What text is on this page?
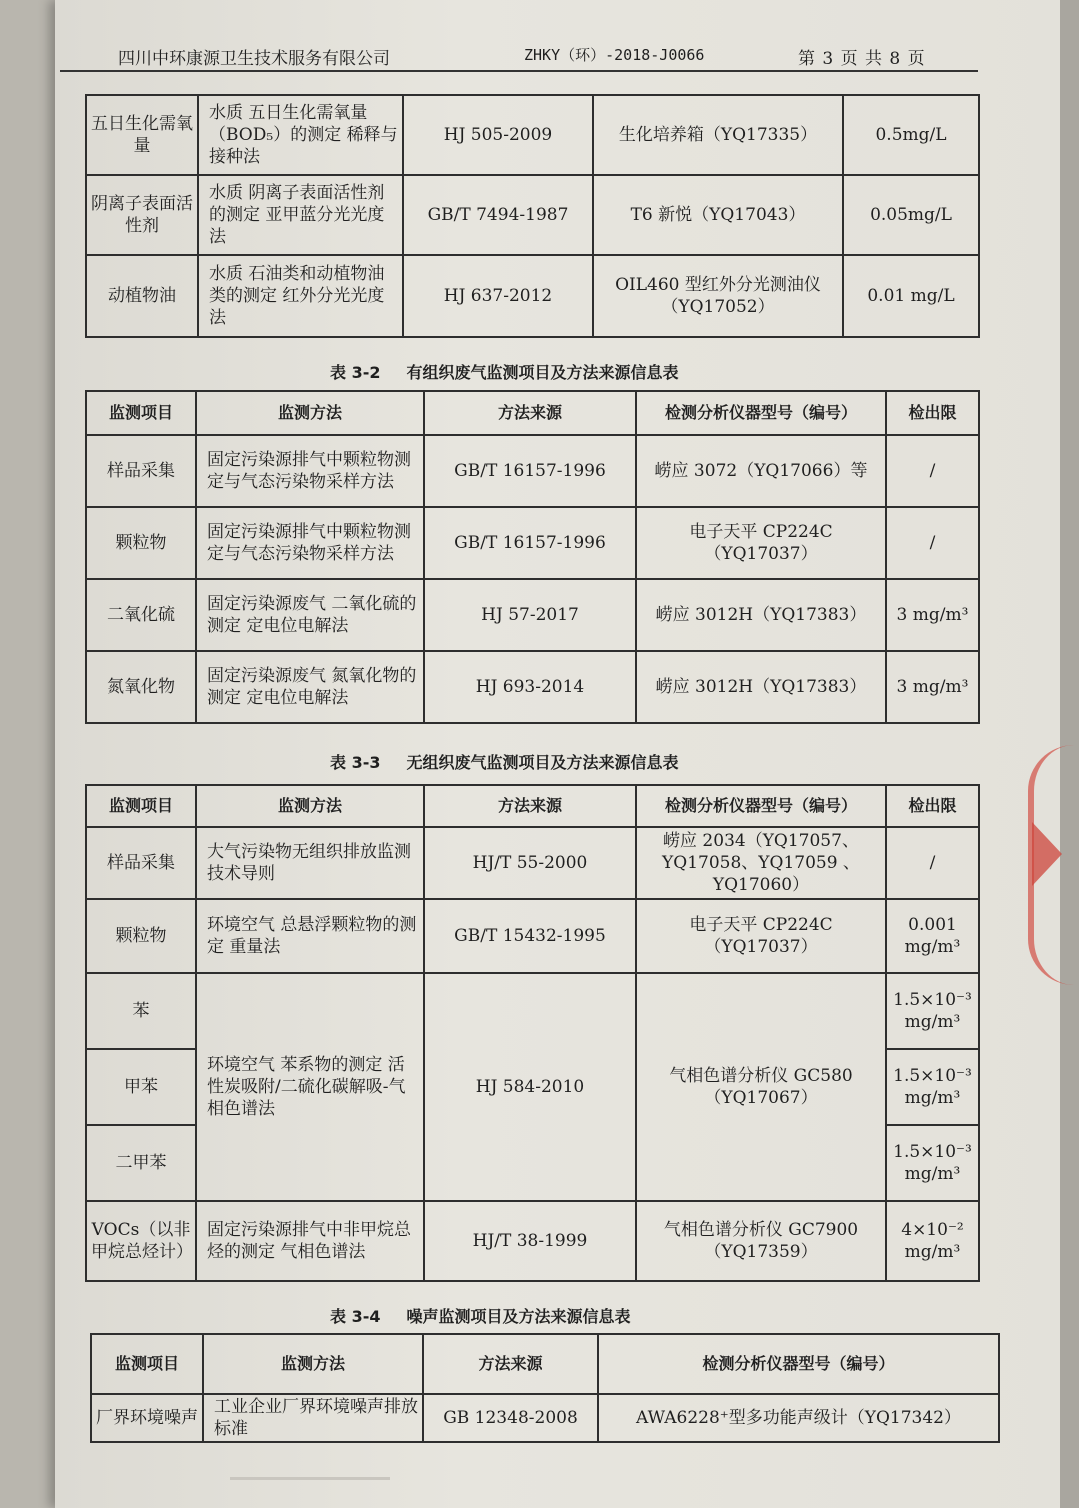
四川中环康源卫生技术服务有限公司	ZHKY（环）-2018-J0066	第 3 页 共 8 页
五日生化需氧量	水质 五日生化需氧量（BOD₅）的测定 稀释与接种法	HJ 505-2009	生化培养箱（YQ17335）	0.5mg/L
阴离子表面活性剂	水质 阴离子表面活性剂的测定 亚甲蓝分光光度法	GB/T 7494-1987	T6 新悦（YQ17043）	0.05mg/L
动植物油	水质 石油类和动植物油类的测定 红外分光光度法	HJ 637-2012	OIL460 型红外分光测油仪（YQ17052）	0.01 mg/L
表 3-2 有组织废气监测项目及方法来源信息表
监测项目	监测方法	方法来源	检测分析仪器型号（编号）	检出限
样品采集	固定污染源排气中颗粒物测定与气态污染物采样方法	GB/T 16157-1996	崂应 3072（YQ17066）等	/
颗粒物	固定污染源排气中颗粒物测定与气态污染物采样方法	GB/T 16157-1996	电子天平 CP224C（YQ17037）	/
二氧化硫	固定污染源废气 二氧化硫的测定 定电位电解法	HJ 57-2017	崂应 3012H（YQ17383）	3 mg/m³
氮氧化物	固定污染源废气 氮氧化物的测定 定电位电解法	HJ 693-2014	崂应 3012H（YQ17383）	3 mg/m³
表 3-3 无组织废气监测项目及方法来源信息表
监测项目	监测方法	方法来源	检测分析仪器型号（编号）	检出限
样品采集	大气污染物无组织排放监测技术导则	HJ/T 55-2000	崂应 2034（YQ17057、YQ17058、YQ17059 、YQ17060）	/
颗粒物	环境空气 总悬浮颗粒物的测定 重量法	GB/T 15432-1995	电子天平 CP224C（YQ17037）	0.001 mg/m³
苯	环境空气 苯系物的测定 活性炭吸附/二硫化碳解吸-气相色谱法	HJ 584-2010	气相色谱分析仪 GC580（YQ17067）	1.5×10⁻³ mg/m³
甲苯				1.5×10⁻³ mg/m³
二甲苯				1.5×10⁻³ mg/m³
VOCs（以非甲烷总烃计）	固定污染源排气中非甲烷总烃的测定 气相色谱法	HJ/T 38-1999	气相色谱分析仪 GC7900（YQ17359）	4×10⁻² mg/m³
表 3-4 噪声监测项目及方法来源信息表
监测项目	监测方法	方法来源	检测分析仪器型号（编号）
厂界环境噪声	工业企业厂界环境噪声排放标准	GB 12348-2008	AWA6228⁺型多功能声级计（YQ17342）
